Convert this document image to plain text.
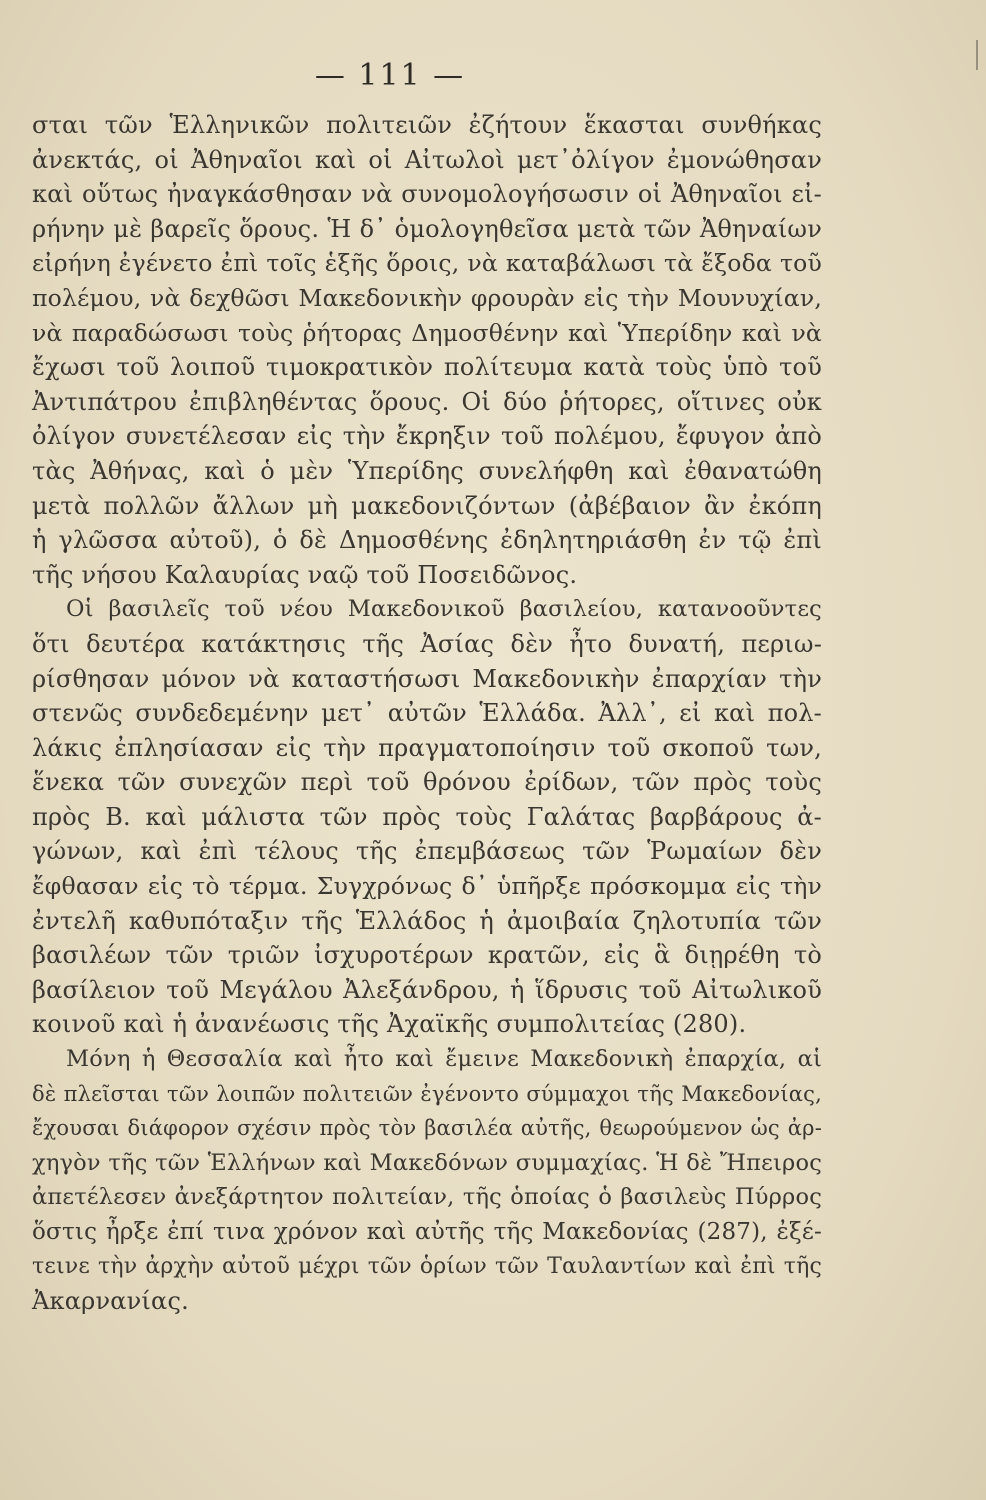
— 111 —
σται τῶν Ἑλληνικῶν πολιτειῶν ἐζήτουν ἕκασται συνθήκας
ἀνεκτάς, οἱ Ἀθηναῖοι καὶ οἱ Αἰτωλοὶ μετ᾽ὀλίγον ἐμονώθησαν
καὶ οὕτως ἠναγκάσθησαν νὰ συνομολογήσωσιν οἱ Ἀθηναῖοι εἰ-
ρήνην μὲ βαρεῖς ὅρους. Ἡ δ᾽ ὁμολογηθεῖσα μετὰ τῶν Ἀθηναίων
εἰρήνη ἐγένετο ἐπὶ τοῖς ἑξῆς ὅροις, νὰ καταβάλωσι τὰ ἔξοδα τοῦ
πολέμου, νὰ δεχθῶσι Μακεδονικὴν φρουρὰν εἰς τὴν Μουνυχίαν,
νὰ παραδώσωσι τοὺς ῥήτορας Δημοσθένην καὶ Ὑπερίδην καὶ νὰ
ἔχωσι τοῦ λοιποῦ τιμοκρατικὸν πολίτευμα κατὰ τοὺς ὑπὸ τοῦ
Ἀντιπάτρου ἐπιβληθέντας ὅρους. Οἱ δύο ῥήτορες, οἵτινες οὐκ
ὀλίγον συνετέλεσαν εἰς τὴν ἔκρηξιν τοῦ πολέμου, ἔφυγον ἀπὸ
τὰς Ἀθήνας, καὶ ὁ μὲν Ὑπερίδης συνελήφθη καὶ ἐθανατώθη
μετὰ πολλῶν ἄλλων μὴ μακεδονιζόντων (ἀβέβαιον ἂν ἐκόπη
ἡ γλῶσσα αὐτοῦ), ὁ δὲ Δημοσθένης ἐδηλητηριάσθη ἐν τῷ ἐπὶ
τῆς νήσου Καλαυρίας ναῷ τοῦ Ποσειδῶνος.
Οἱ βασιλεῖς τοῦ νέου Μακεδονικοῦ βασιλείου, κατανοοῦντες
ὅτι δευτέρα κατάκτησις τῆς Ἀσίας δὲν ἦτο δυνατή, περιω-
ρίσθησαν μόνον νὰ καταστήσωσι Μακεδονικὴν ἐπαρχίαν τὴν
στενῶς συνδεδεμένην μετ᾽ αὐτῶν Ἑλλάδα. Ἀλλ᾽, εἰ καὶ πολ-
λάκις ἐπλησίασαν εἰς τὴν πραγματοποίησιν τοῦ σκοποῦ των,
ἕνεκα τῶν συνεχῶν περὶ τοῦ θρόνου ἐρίδων, τῶν πρὸς τοὺς
πρὸς Β. καὶ μάλιστα τῶν πρὸς τοὺς Γαλάτας βαρβάρους ἀ-
γώνων, καὶ ἐπὶ τέλους τῆς ἐπεμβάσεως τῶν Ῥωμαίων δὲν
ἔφθασαν εἰς τὸ τέρμα. Συγχρόνως δ᾽ ὑπῆρξε πρόσκομμα εἰς τὴν
ἐντελῆ καθυπόταξιν τῆς Ἑλλάδος ἡ ἀμοιβαία ζηλοτυπία τῶν
βασιλέων τῶν τριῶν ἰσχυροτέρων κρατῶν, εἰς ἃ διῃρέθη τὸ
βασίλειον τοῦ Μεγάλου Ἀλεξάνδρου, ἡ ἵδρυσις τοῦ Αἰτωλικοῦ
κοινοῦ καὶ ἡ ἀνανέωσις τῆς Ἀχαϊκῆς συμπολιτείας (280).
Μόνη ἡ Θεσσαλία καὶ ἦτο καὶ ἔμεινε Μακεδονικὴ ἐπαρχία, αἱ
δὲ πλεῖσται τῶν λοιπῶν πολιτειῶν ἐγένοντο σύμμαχοι τῆς Μακεδονίας,
ἔχουσαι διάφορον σχέσιν πρὸς τὸν βασιλέα αὐτῆς, θεωρούμενον ὡς ἀρ-
χηγὸν τῆς τῶν Ἑλλήνων καὶ Μακεδόνων συμμαχίας. Ἡ δὲ Ἤπειρος
ἀπετέλεσεν ἀνεξάρτητον πολιτείαν, τῆς ὁποίας ὁ βασιλεὺς Πύρρος
ὅστις ἦρξε ἐπί τινα χρόνον καὶ αὐτῆς τῆς Μακεδονίας (287), ἐξέ-
τεινε τὴν ἀρχὴν αὐτοῦ μέχρι τῶν ὁρίων τῶν Ταυλαντίων καὶ ἐπὶ τῆς
Ἀκαρνανίας.
